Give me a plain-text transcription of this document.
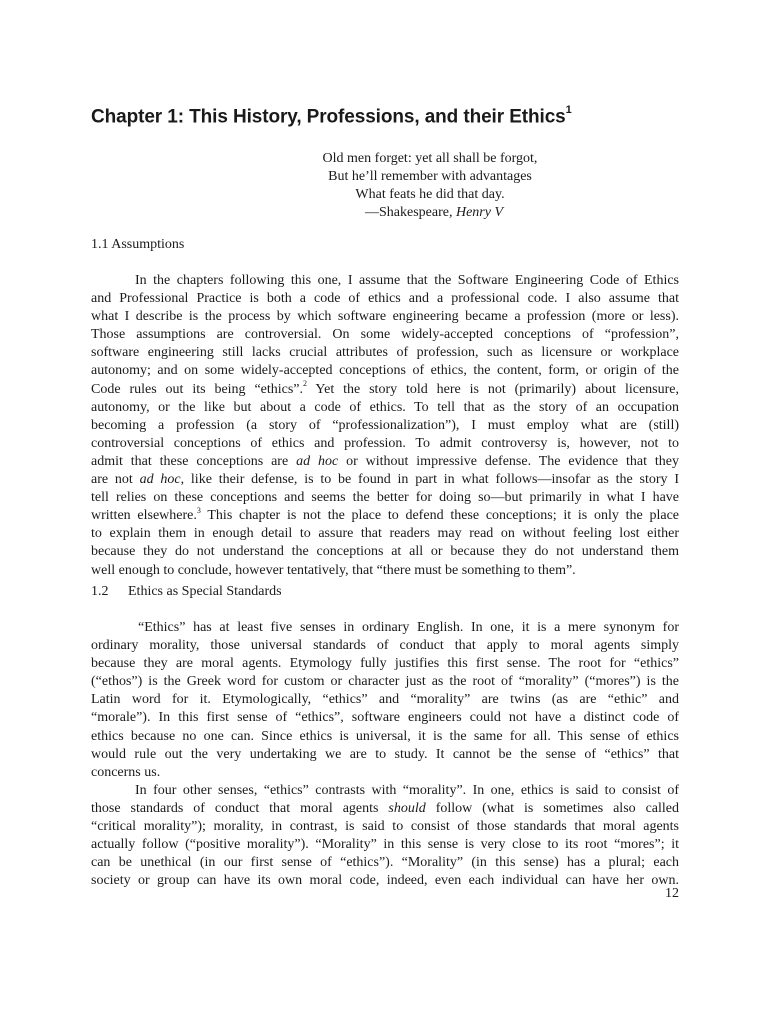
Chapter 1: This History, Professions, and their Ethics$^1$
Old men forget: yet all shall be forgot,
But he’ll remember with advantages
What feats he did that day.
—Shakespeare, Henry V
1.1 Assumptions
In the chapters following this one, I assume that the Software Engineering Code of Ethics
and Professional Practice is both a code of ethics and a professional code. I also assume that
what I describe is the process by which software engineering became a profession (more or less).
Those assumptions are controversial. On some widely-accepted conceptions of “profession”,
software engineering still lacks crucial attributes of profession, such as licensure or workplace
autonomy; and on some widely-accepted conceptions of ethics, the content, form, or origin of the
Code rules out its being “ethics”.$^2$ Yet the story told here is not (primarily) about licensure,
autonomy, or the like but about a code of ethics. To tell that as the story of an occupation
becoming a profession (a story of “professionalization”), I must employ what are (still)
controversial conceptions of ethics and profession. To admit controversy is, however, not to
admit that these conceptions are ad hoc or without impressive defense. The evidence that they
are not ad hoc, like their defense, is to be found in part in what follows—insofar as the story I
tell relies on these conceptions and seems the better for doing so—but primarily in what I have
written elsewhere.$^3$ This chapter is not the place to defend these conceptions; it is only the place
to explain them in enough detail to assure that readers may read on without feeling lost either
because they do not understand the conceptions at all or because they do not understand them
well enough to conclude, however tentatively, that “there must be something to them”.
1.2 Ethics as Special Standards
“Ethics” has at least five senses in ordinary English. In one, it is a mere synonym for
ordinary morality, those universal standards of conduct that apply to moral agents simply
because they are moral agents. Etymology fully justifies this first sense. The root for “ethics”
(“ethos”) is the Greek word for custom or character just as the root of “morality” (“mores”) is the
Latin word for it. Etymologically, “ethics” and “morality” are twins (as are “ethic” and
“morale”). In this first sense of “ethics”, software engineers could not have a distinct code of
ethics because no one can. Since ethics is universal, it is the same for all. This sense of ethics
would rule out the very undertaking we are to study. It cannot be the sense of “ethics” that
concerns us.
In four other senses, “ethics” contrasts with “morality”. In one, ethics is said to consist of
those standards of conduct that moral agents should follow (what is sometimes also called
“critical morality”); morality, in contrast, is said to consist of those standards that moral agents
actually follow (“positive morality”). “Morality” in this sense is very close to its root “mores”; it
can be unethical (in our first sense of “ethics”). “Morality” (in this sense) has a plural; each
society or group can have its own moral code, indeed, even each individual can have her own.
12
